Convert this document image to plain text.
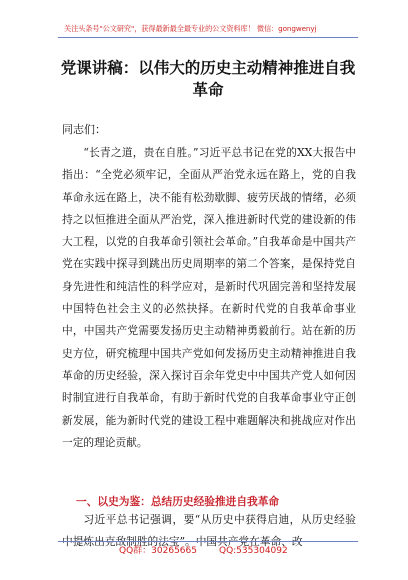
关注头条号"公文研究"，获得最新最全最专业的公文资料库！ 微信：gongwenyj
党课讲稿：以伟大的历史主动精神推进自我革命
同志们：
“长青之道，贵在自胜。”习近平总书记在党的XX大报告中指出：“全党必须牢记，全面从严治党永远在路上，党的自我革命永远在路上，决不能有松劲歇脚、疲劳厌战的情绪，必须持之以恒推进全面从严治党，深入推进新时代党的建设新的伟大工程，以党的自我革命引领社会革命。”自我革命是中国共产党在实践中探寻到跳出历史周期率的第二个答案，是保持党自身先进性和纯洁性的科学应对，是新时代巩固完善和坚持发展中国特色社会主义的必然抉择。在新时代党的自我革命事业中，中国共产党需要发扬历史主动精神勇毅前行。站在新的历史方位，研究梳理中国共产党如何发扬历史主动精神推进自我革命的历史经验，深入探讨百余年党史中中国共产党人如何因时制宜进行自我革命，有助于新时代党的自我革命事业守正创新发展，能为新时代党的建设工程中难题解决和挑战应对作出一定的理论贡献。
一、以史为鉴：总结历史经验推进自我革命
习近平总书记强调，要“从历史中获得启迪，从历史经验中提炼出克敌制胜的法宝”。中国共产党在革命、改
QQ群：30265665 QQ:535304092
